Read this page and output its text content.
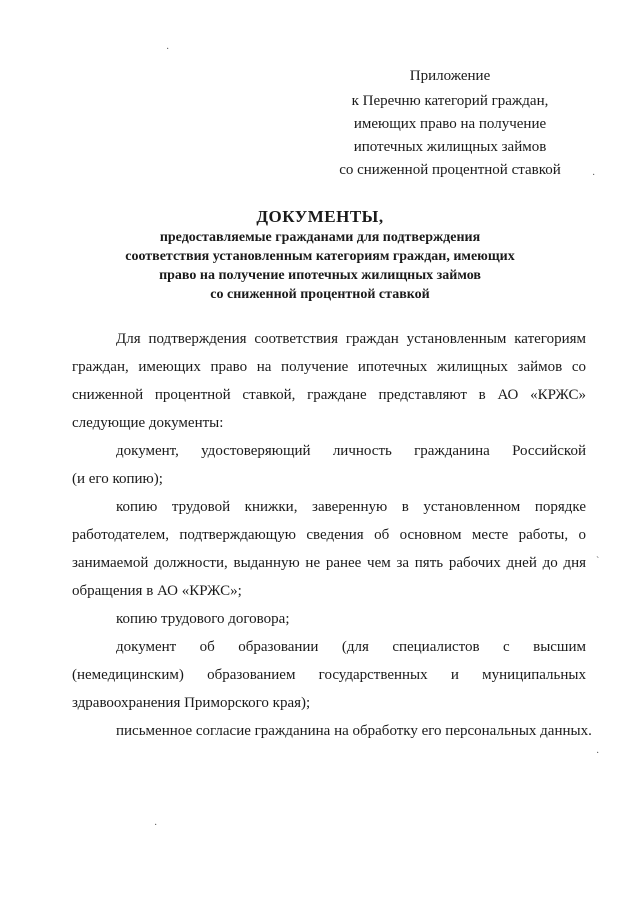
Приложение
к Перечню категорий граждан,
имеющих право на получение
ипотечных жилищных займов
со сниженной процентной ставкой
ДОКУМЕНТЫ,
предоставляемые гражданами для подтверждения
соответствия установленным категориям граждан, имеющих
право на получение ипотечных жилищных займов
со сниженной процентной ставкой
Для подтверждения соответствия граждан установленным категориям
граждан, имеющих право на получение ипотечных жилищных займов со
сниженной процентной ставкой, граждане представляют в АО «КРЖС»
следующие документы:
документ, удостоверяющий личность гражданина Российской
(и его копию);
копию трудовой книжки, заверенную в установленном порядке
работодателем, подтверждающую сведения об основном месте работы, о
занимаемой должности, выданную не ранее чем за пять рабочих дней до дня
обращения в АО «КРЖС»;
копию трудового договора;
документ об образовании (для специалистов с высшим
(немедицинским) образованием государственных и муниципальных
здравоохранения Приморского края);
письменное согласие гражданина на обработку его персональных данных.
·
·
`
·
·
